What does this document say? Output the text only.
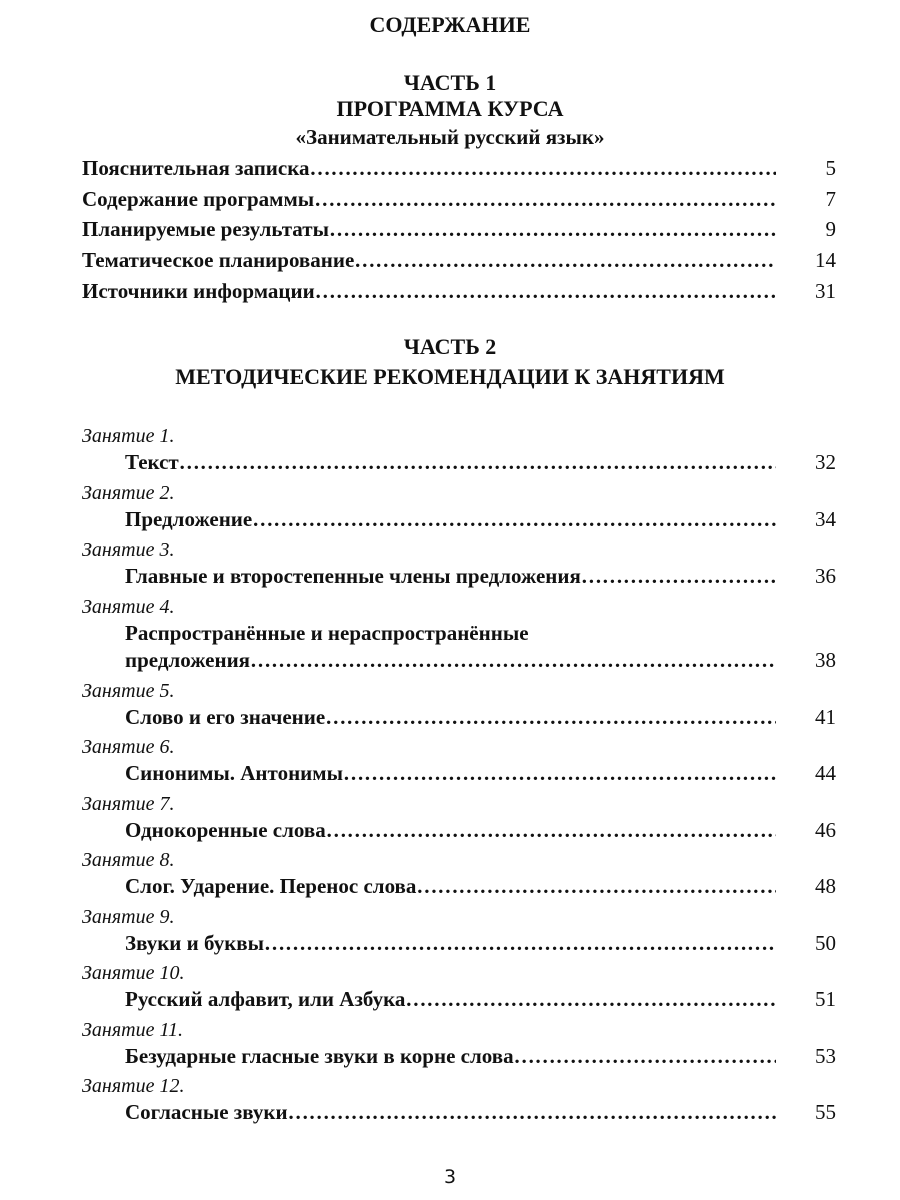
СОДЕРЖАНИЕ
ЧАСТЬ 1
ПРОГРАММА КУРСА
«Занимательный русский язык»
Пояснительная записка ……………………………………………………………………………………………………………………………	5
Содержание программы ……………………………………………………………………………………………………………………………	7
Планируемые результаты ……………………………………………………………………………………………………………………………	9
Тематическое планирование ……………………………………………………………………………………………………………………………	14
Источники информации ……………………………………………………………………………………………………………………………	31
ЧАСТЬ 2
МЕТОДИЧЕСКИЕ РЕКОМЕНДАЦИИ К ЗАНЯТИЯМ
Занятие 1.
Текст ……………………………………………………………………………………………………………………………	32
Занятие 2.
Предложение ……………………………………………………………………………………………………………………………	34
Занятие 3.
Главные и второстепенные члены предложения ……………………………………………………………………………………………………………………………	36
Занятие 4.
Распространённые и нераспространённые
предложения ……………………………………………………………………………………………………………………………	38
Занятие 5.
Слово и его значение ……………………………………………………………………………………………………………………………	41
Занятие 6.
Синонимы. Антонимы ……………………………………………………………………………………………………………………………	44
Занятие 7.
Однокоренные слова ……………………………………………………………………………………………………………………………	46
Занятие 8.
Слог. Ударение. Перенос слова ……………………………………………………………………………………………………………………………	48
Занятие 9.
Звуки и буквы ……………………………………………………………………………………………………………………………	50
Занятие 10.
Русский алфавит, или Азбука ……………………………………………………………………………………………………………………………	51
Занятие 11.
Безударные гласные звуки в корне слова ……………………………………………………………………………………………………………………………	53
Занятие 12.
Согласные звуки ……………………………………………………………………………………………………………………………	55
3
